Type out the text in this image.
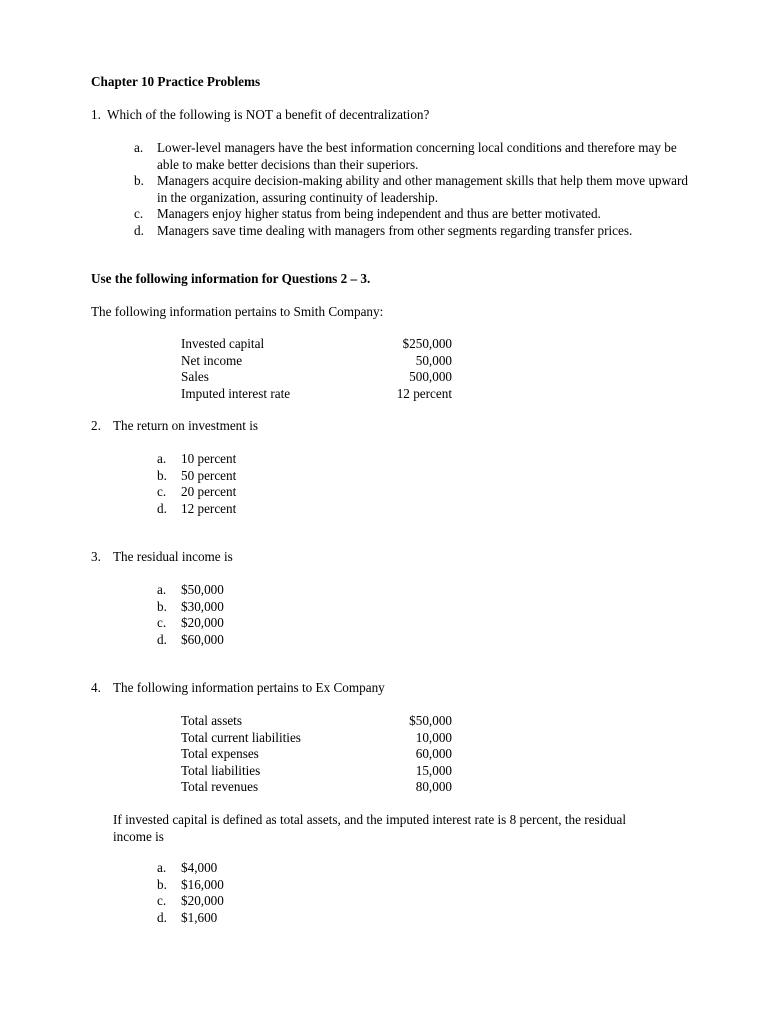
Chapter 10 Practice Problems
1. Which of the following is NOT a benefit of decentralization?
a. Lower-level managers have the best information concerning local conditions and therefore may be able to make better decisions than their superiors.
b. Managers acquire decision-making ability and other management skills that help them move upward in the organization, assuring continuity of leadership.
c. Managers enjoy higher status from being independent and thus are better motivated.
d. Managers save time dealing with managers from other segments regarding transfer prices.
Use the following information for Questions 2 – 3.
The following information pertains to Smith Company:
Invested capital	$250,000
Net income	50,000
Sales	500,000
Imputed interest rate	12 percent
2. The return on investment is
a. 10 percent
b. 50 percent
c. 20 percent
d. 12 percent
3. The residual income is
a. $50,000
b. $30,000
c. $20,000
d. $60,000
4. The following information pertains to Ex Company
Total assets	$50,000
Total current liabilities	10,000
Total expenses	60,000
Total liabilities	15,000
Total revenues	80,000
If invested capital is defined as total assets, and the imputed interest rate is 8 percent, the residual income is
a. $4,000
b. $16,000
c. $20,000
d. $1,600
